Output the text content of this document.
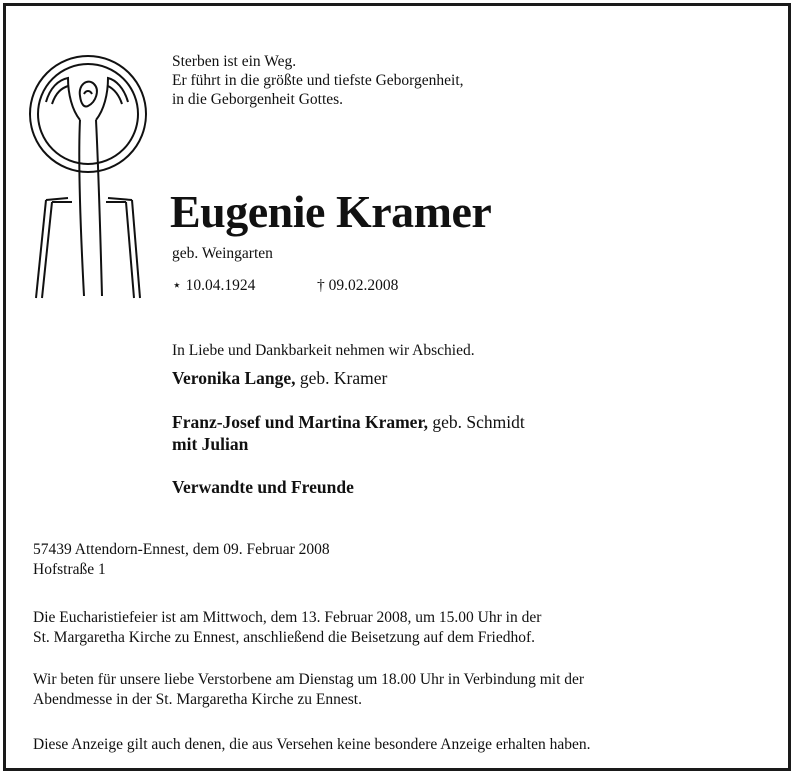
Sterben ist ein Weg.
Er führt in die größte und tiefste Geborgenheit,
in die Geborgenheit Gottes.
Eugenie Kramer
geb. Weingarten
⋆ 10.04.1924	† 09.02.2008
In Liebe und Dankbarkeit nehmen wir Abschied.
Veronika Lange, geb. Kramer
Franz-Josef und Martina Kramer, geb. Schmidt
mit Julian
Verwandte und Freunde
57439 Attendorn-Ennest, dem 09. Februar 2008
Hofstraße 1
Die Eucharistiefeier ist am Mittwoch, dem 13. Februar 2008, um 15.00 Uhr in der
St. Margaretha Kirche zu Ennest, anschließend die Beisetzung auf dem Friedhof.
Wir beten für unsere liebe Verstorbene am Dienstag um 18.00 Uhr in Verbindung mit der
Abendmesse in der St. Margaretha Kirche zu Ennest.
Diese Anzeige gilt auch denen, die aus Versehen keine besondere Anzeige erhalten haben.
